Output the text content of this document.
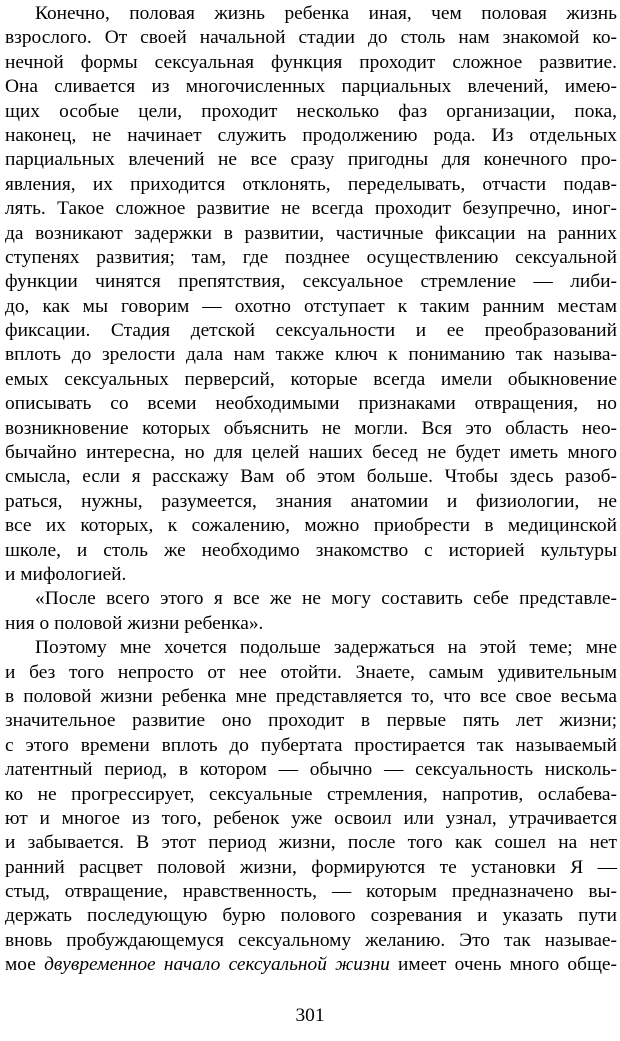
Конечно, половая жизнь ребенка иная, чем половая жизнь
взрослого. От своей начальной стадии до столь нам знакомой ко-
нечной формы сексуальная функция проходит сложное развитие.
Она сливается из многочисленных парциальных влечений, имею-
щих особые цели, проходит несколько фаз организации, пока,
наконец, не начинает служить продолжению рода. Из отдельных
парциальных влечений не все сразу пригодны для конечного про-
явления, их приходится отклонять, переделывать, отчасти подав-
лять. Такое сложное развитие не всегда проходит безупречно, иног-
да возникают задержки в развитии, частичные фиксации на ранних
ступенях развития; там, где позднее осуществлению сексуальной
функции чинятся препятствия, сексуальное стремление — либи-
до, как мы говорим — охотно отступает к таким ранним местам
фиксации. Стадия детской сексуальности и ее преобразований
вплоть до зрелости дала нам также ключ к пониманию так называ-
емых сексуальных перверсий, которые всегда имели обыкновение
описывать со всеми необходимыми признаками отвращения, но
возникновение которых объяснить не могли. Вся это область нео-
бычайно интересна, но для целей наших бесед не будет иметь много
смысла, если я расскажу Вам об этом больше. Чтобы здесь разоб-
раться, нужны, разумеется, знания анатомии и физиологии, не
все их которых, к сожалению, можно приобрести в медицинской
школе, и столь же необходимо знакомство с историей культуры
и мифологией.
«После всего этого я все же не могу составить себе представле-
ния о половой жизни ребенка».
Поэтому мне хочется подольше задержаться на этой теме; мне
и без того непросто от нее отойти. Знаете, самым удивительным
в половой жизни ребенка мне представляется то, что все свое весьма
значительное развитие оно проходит в первые пять лет жизни;
с этого времени вплоть до пубертата простирается так называемый
латентный период, в котором — обычно — сексуальность нисколь-
ко не прогрессирует, сексуальные стремления, напротив, ослабева-
ют и многое из того, ребенок уже освоил или узнал, утрачивается
и забывается. В этот период жизни, после того как сошел на нет
ранний расцвет половой жизни, формируются те установки Я —
стыд, отвращение, нравственность, — которым предназначено вы-
держать последующую бурю полового созревания и указать пути
вновь пробуждающемуся сексуальному желанию. Это так называе-
мое двувременное начало сексуальной жизни имеет очень много обще-
301
